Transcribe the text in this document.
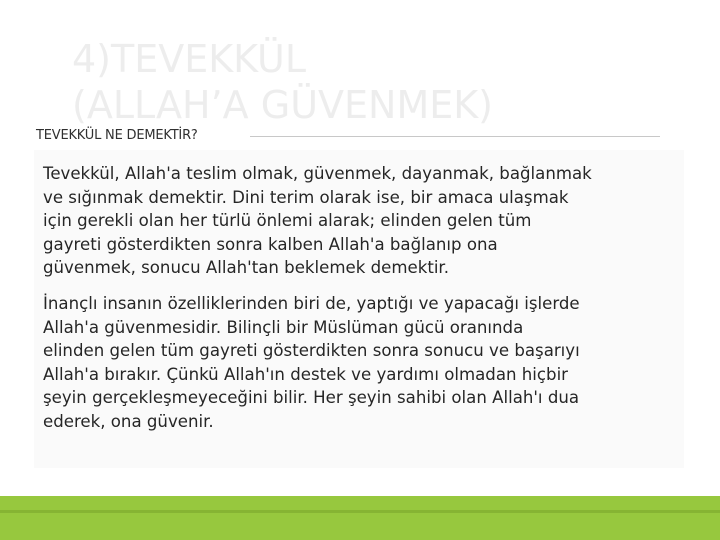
4)TEVEKKÜL
(ALLAH’A GÜVENMEK)
TEVEKKÜL NE DEMEKTİR?

Tevekkül, Allah'a teslim olmak, güvenmek, dayanmak, bağlanmak
ve sığınmak demektir. Dini terim olarak ise, bir amaca ulaşmak
için gerekli olan her türlü önlemi alarak; elinden gelen tüm
gayreti gösterdikten sonra kalben Allah'a bağlanıp ona
güvenmek, sonucu Allah'tan beklemek demektir.

İnançlı insanın özelliklerinden biri de, yaptığı ve yapacağı işlerde
Allah'a güvenmesidir. Bilinçli bir Müslüman gücü oranında
elinden gelen tüm gayreti gösterdikten sonra sonucu ve başarıyı
Allah'a bırakır. Çünkü Allah'ın destek ve yardımı olmadan hiçbir
şeyin gerçekleşmeyeceğini bilir. Her şeyin sahibi olan Allah'ı dua
ederek, ona güvenir.
